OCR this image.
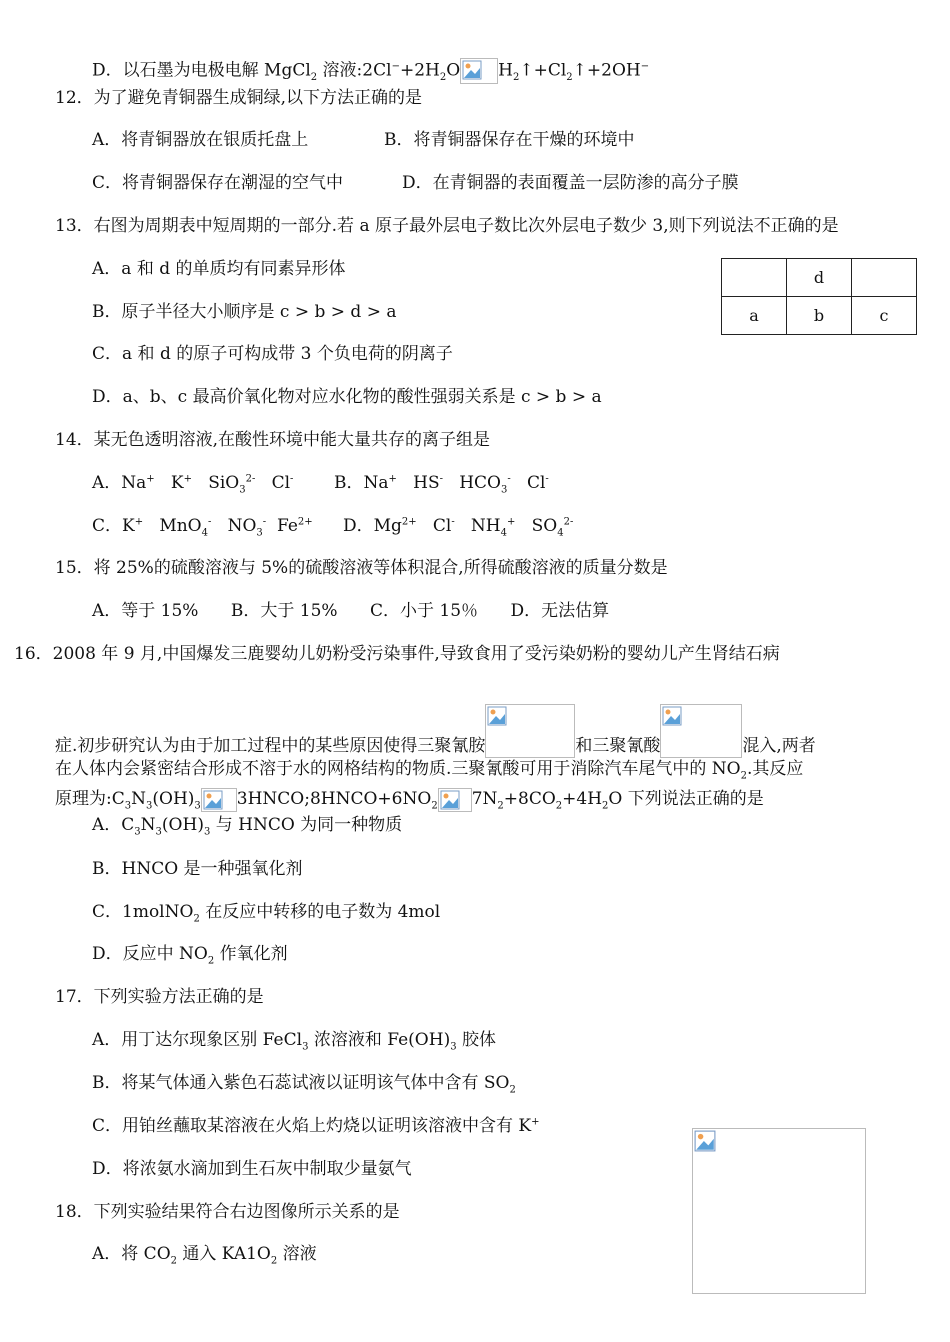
D．以石墨为电极电解 MgCl$_2$ 溶液$:2Cl^-+2H_2O$ $H_2↑+Cl_2↑+2OH^-$
12．为了避免青铜器生成铜绿,以下方法正确的是
A．将青铜器放在银质托盘上	B．将青铜器保存在干燥的环境中
C．将青铜器保存在潮湿的空气中	D．在青铜器的表面覆盖一层防渗的高分子膜
13．右图为周期表中短周期的一部分.若 a 原子最外层电子数比次外层电子数少 3,则下列说法不正确的是
A．a 和 d 的单质均有同素异形体
B．原子半径大小顺序是 c > b > d > a
C．a 和 d 的原子可构成带 3 个负电荷的阴离子
D．a、b、c 最高价氧化物对应水化物的酸性强弱关系是 c > b > a
	d	
a	b	c
14．某无色透明溶液,在酸性环境中能大量共存的离子组是
A．Na+   K+   SiO$_3^{2-}$   Cl- B．Na+   HS-   $HCO_3^-$   Cl-
C．K+   MnO$_4$-   $NO_3^-$  $Fe^{2+}$ D．$Mg^{2+}$   Cl-   $NH_4^+$   $SO_4^{2-}$
15．将 25%的硫酸溶液与 5%的硫酸溶液等体积混合,所得硫酸溶液的质量分数是
A．等于 15%      B．大于 15%      C．小于 15％      D．无法估算
16．2008 年 9 月,中国爆发三鹿婴幼儿奶粉受污染事件,导致食用了受污染奶粉的婴幼儿产生肾结石病
症.初步研究认为由于加工过程中的某些原因使得三聚氰胺	和三聚氰酸	混入,两者
在人体内会紧密结合形成不溶于水的网格结构的物质.三聚氰酸可用于消除汽车尾气中的 $NO_2$.其反应
原理为$:C_3N_3(OH)_3$ $3HNCO;8HNCO+6NO_2$ $7N_2+8CO_2+4H_2O$ 下列说法正确的是
A．$C_3N_3(OH)_3$ 与 HNCO 为同一种物质
B．HNCO 是一种强氧化剂
C．1molNO$_2$ 在反应中转移的电子数为 4mol
D．反应中 $NO_2$ 作氧化剂
17．下列实验方法正确的是
A．用丁达尔现象区别 FeCl$_3$ 浓溶液和 $Fe(OH)_3$ 胶体
B．将某气体通入紫色石蕊试液以证明该气体中含有 $SO_2$
C．用铂丝蘸取某溶液在火焰上灼烧以证明该溶液中含有 K+
D．将浓氨水滴加到生石灰中制取少量氨气
18．下列实验结果符合右边图像所示关系的是
A．将 $CO_2$ 通入 $KA1O_2$ 溶液
